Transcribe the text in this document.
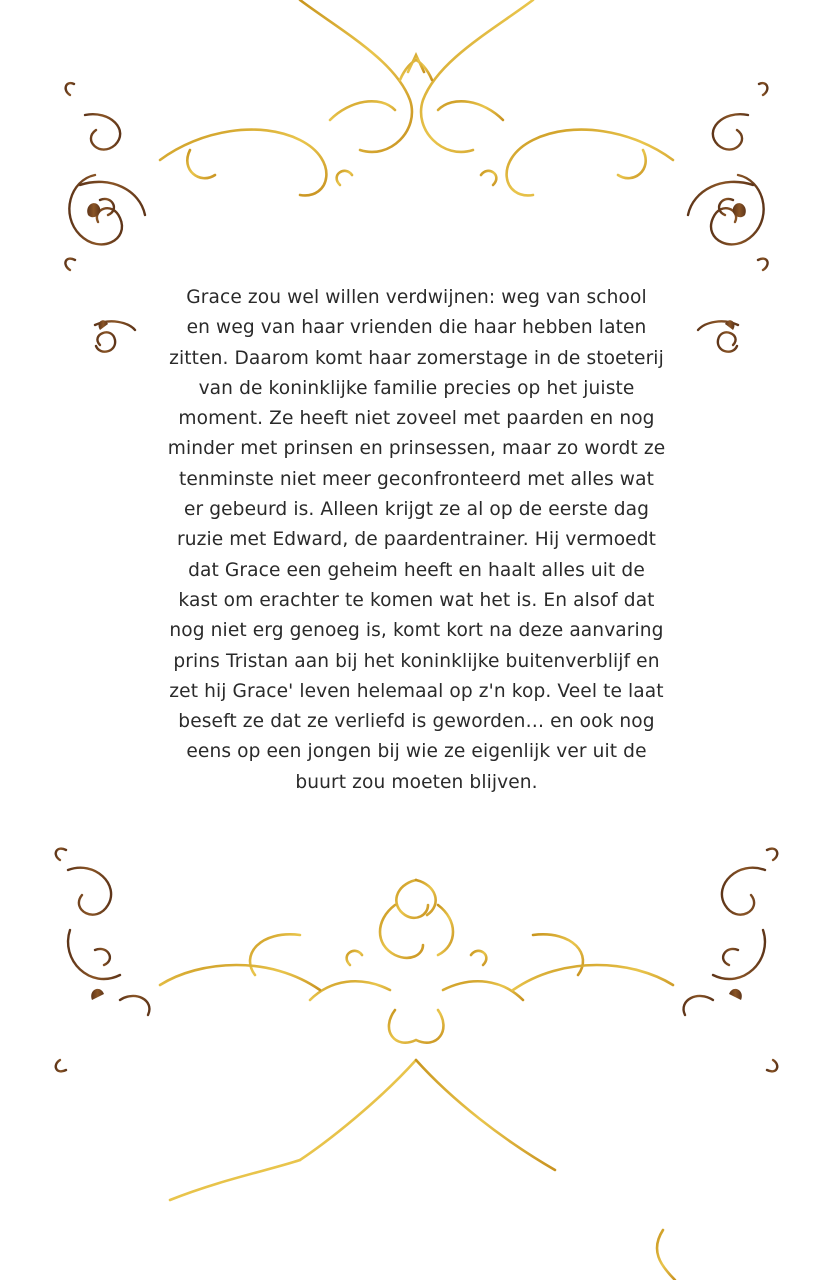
Grace zou wel willen verdwijnen: weg van school
en weg van haar vrienden die haar hebben laten
zitten. Daarom komt haar zomerstage in de stoeterij
van de koninklijke familie precies op het juiste
moment. Ze heeft niet zoveel met paarden en nog
minder met prinsen en prinsessen, maar zo wordt ze
tenminste niet meer geconfronteerd met alles wat
er gebeurd is. Alleen krijgt ze al op de eerste dag
ruzie met Edward, de paardentrainer. Hij vermoedt
dat Grace een geheim heeft en haalt alles uit de
kast om erachter te komen wat het is. En alsof dat
nog niet erg genoeg is, komt kort na deze aanvaring
prins Tristan aan bij het koninklijke buitenverblijf en
zet hij Grace' leven helemaal op z'n kop. Veel te laat
beseft ze dat ze verliefd is geworden… en ook nog
eens op een jongen bij wie ze eigenlijk ver uit de
buurt zou moeten blijven.
